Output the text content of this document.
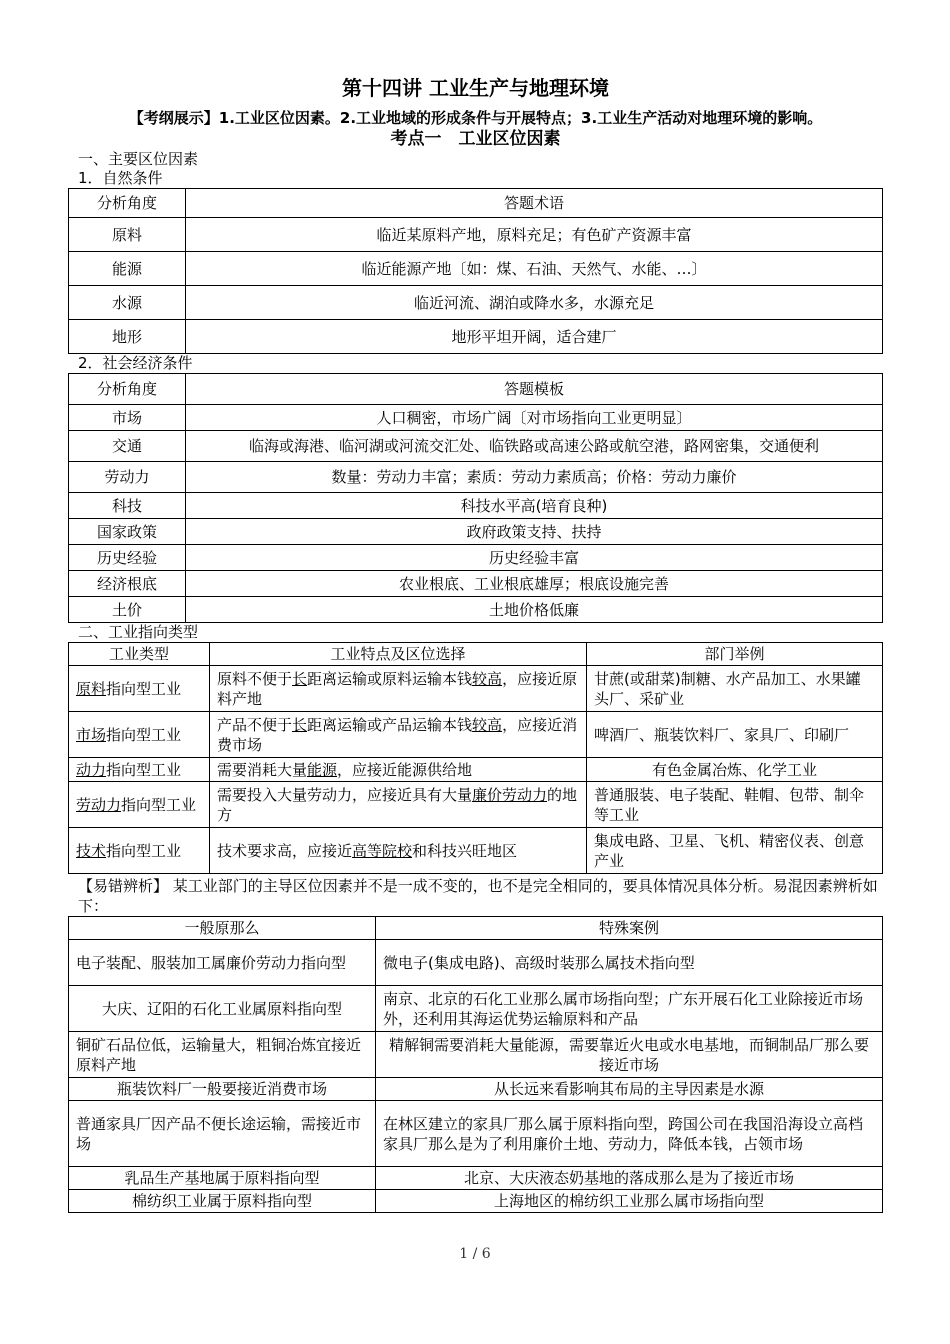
第十四讲 工业生产与地理环境
【考纲展示】1.工业区位因素。2.工业地域的形成条件与开展特点；3.工业生产活动对地理环境的影响。
考点一　工业区位因素
一、主要区位因素
1．自然条件
分析角度	答题术语
原料	临近某原料产地，原料充足；有色矿产资源丰富
能源	临近能源产地〔如：煤、石油、天然气、水能、…〕
水源	临近河流、湖泊或降水多，水源充足
地形	地形平坦开阔，适合建厂
2．社会经济条件
分析角度	答题模板
市场	人口稠密，市场广阔〔对市场指向工业更明显〕
交通	临海或海港、临河湖或河流交汇处、临铁路或高速公路或航空港，路网密集，交通便利
劳动力	数量：劳动力丰富；素质：劳动力素质高；价格：劳动力廉价
科技	科技水平高(培育良种)
国家政策	政府政策支持、扶持
历史经验	历史经验丰富
经济根底	农业根底、工业根底雄厚；根底设施完善
土价	土地价格低廉
二、工业指向类型
工业类型	工业特点及区位选择	部门举例
原料指向型工业	原料不便于长距离运输或原料运输本钱较高，应接近原料产地	甘蔗(或甜菜)制糖、水产品加工、水果罐头厂、采矿业
市场指向型工业	产品不便于长距离运输或产品运输本钱较高，应接近消费市场	啤酒厂、瓶装饮料厂、家具厂、印刷厂
动力指向型工业	需要消耗大量能源，应接近能源供给地	有色金属冶炼、化学工业
劳动力指向型工业	需要投入大量劳动力，应接近具有大量廉价劳动力的地方	普通服装、电子装配、鞋帽、包带、制伞等工业
技术指向型工业	技术要求高，应接近高等院校和科技兴旺地区	集成电路、卫星、飞机、精密仪表、创意产业
【易错辨析】 某工业部门的主导区位因素并不是一成不变的，也不是完全相同的，要具体情况具体分析。易混因素辨析如下：
一般原那么	特殊案例
电子装配、服装加工属廉价劳动力指向型	微电子(集成电路)、高级时装那么属技术指向型
大庆、辽阳的石化工业属原料指向型	南京、北京的石化工业那么属市场指向型；广东开展石化工业除接近市场外，还利用其海运优势运输原料和产品
铜矿石品位低，运输量大，粗铜冶炼宜接近原料产地	精解铜需要消耗大量能源，需要靠近火电或水电基地，而铜制品厂那么要接近市场
瓶装饮料厂一般要接近消费市场	从长远来看影响其布局的主导因素是水源
普通家具厂因产品不便长途运输，需接近市场	在林区建立的家具厂那么属于原料指向型，跨国公司在我国沿海设立高档家具厂那么是为了利用廉价土地、劳动力，降低本钱，占领市场
乳品生产基地属于原料指向型	北京、大庆液态奶基地的落成那么是为了接近市场
棉纺织工业属于原料指向型	上海地区的棉纺织工业那么属市场指向型
1 / 6
